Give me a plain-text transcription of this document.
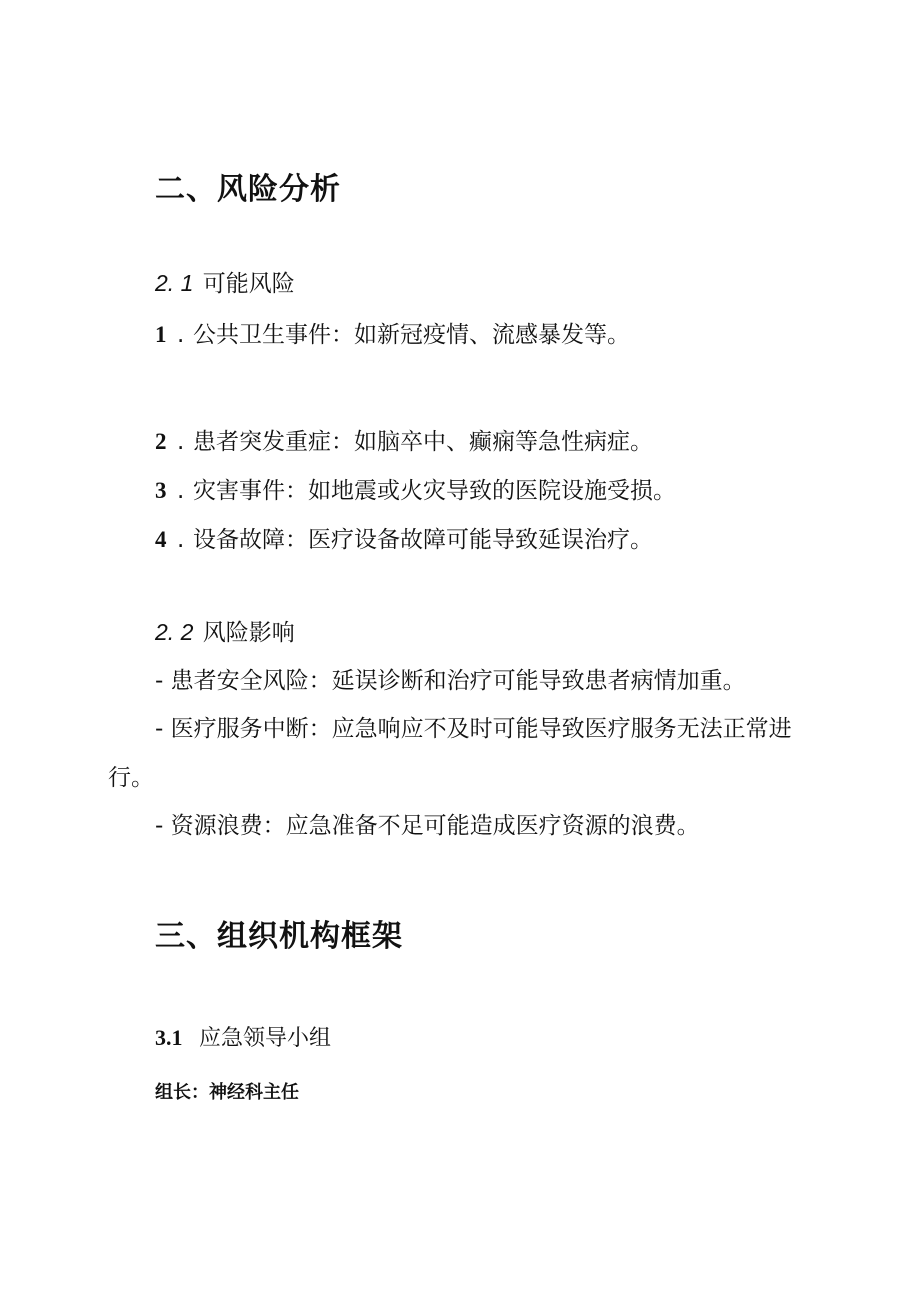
二、风险分析
2. 1 可能风险
1 . 公共卫生事件：如新冠疫情、流感暴发等。
2 . 患者突发重症：如脑卒中、癫痫等急性病症。
3 . 灾害事件：如地震或火灾导致的医院设施受损。
4 . 设备故障：医疗设备故障可能导致延误治疗。
2. 2 风险影响
- 患者安全风险：延误诊断和治疗可能导致患者病情加重。
- 医疗服务中断：应急响应不及时可能导致医疗服务无法正常进
行。
- 资源浪费：应急准备不足可能造成医疗资源的浪费。
三、组织机构框架
3.1 应急领导小组
组长：神经科主任
